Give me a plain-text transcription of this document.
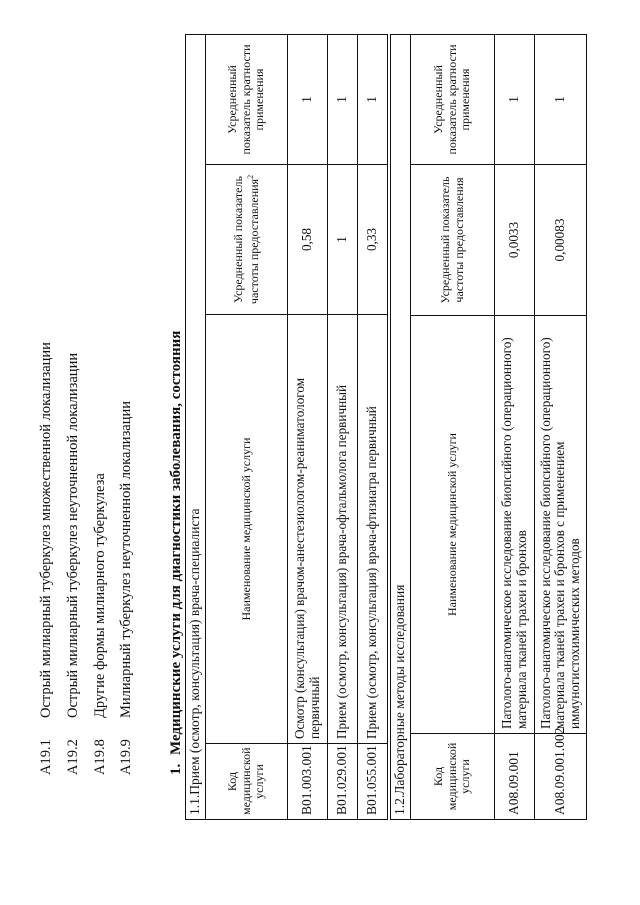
A19.1
Острый милиарный туберкулез множественной локализации
A19.2
Острый милиарный туберкулез неуточненной локализации
A19.8
Другие формы милиарного туберкулеза
A19.9
Милиарный туберкулез неуточненной локализации
1.Медицинские услуги для диагностики заболевания, состояния 1.1.Прием (осмотр, консультация) врача-специалиста			
Код медицинской услуги	Наименование медицинской услуги	Усредненный показатель частоты предоставления$^2$	Усредненный показатель кратности применения
B01.003.001	Осмотр (консультация) врачом-анестезиологом-реаниматологом первичный	0,58	1
B01.029.001	Прием (осмотр, консультация) врача-офтальмолога первичный	1	1
B01.055.001	Прием (осмотр, консультация) врача-фтизиатра первичный	0,33	1
1.2.Лабораторные методы исследования			
Код медицинской услуги	Наименование медицинской услуги	Усредненный показатель частоты предоставления	Усредненный показатель кратности применения
A08.09.001	Патолого-анатомическое исследование биопсийного (операционного) материала тканей трахеи и бронхов	0,0033	1
A08.09.001.002	Патолого-анатомическое исследование биопсийного (операционного) материала тканей трахеи и бронхов с применением иммуногистохимических методов	0,00083	1
